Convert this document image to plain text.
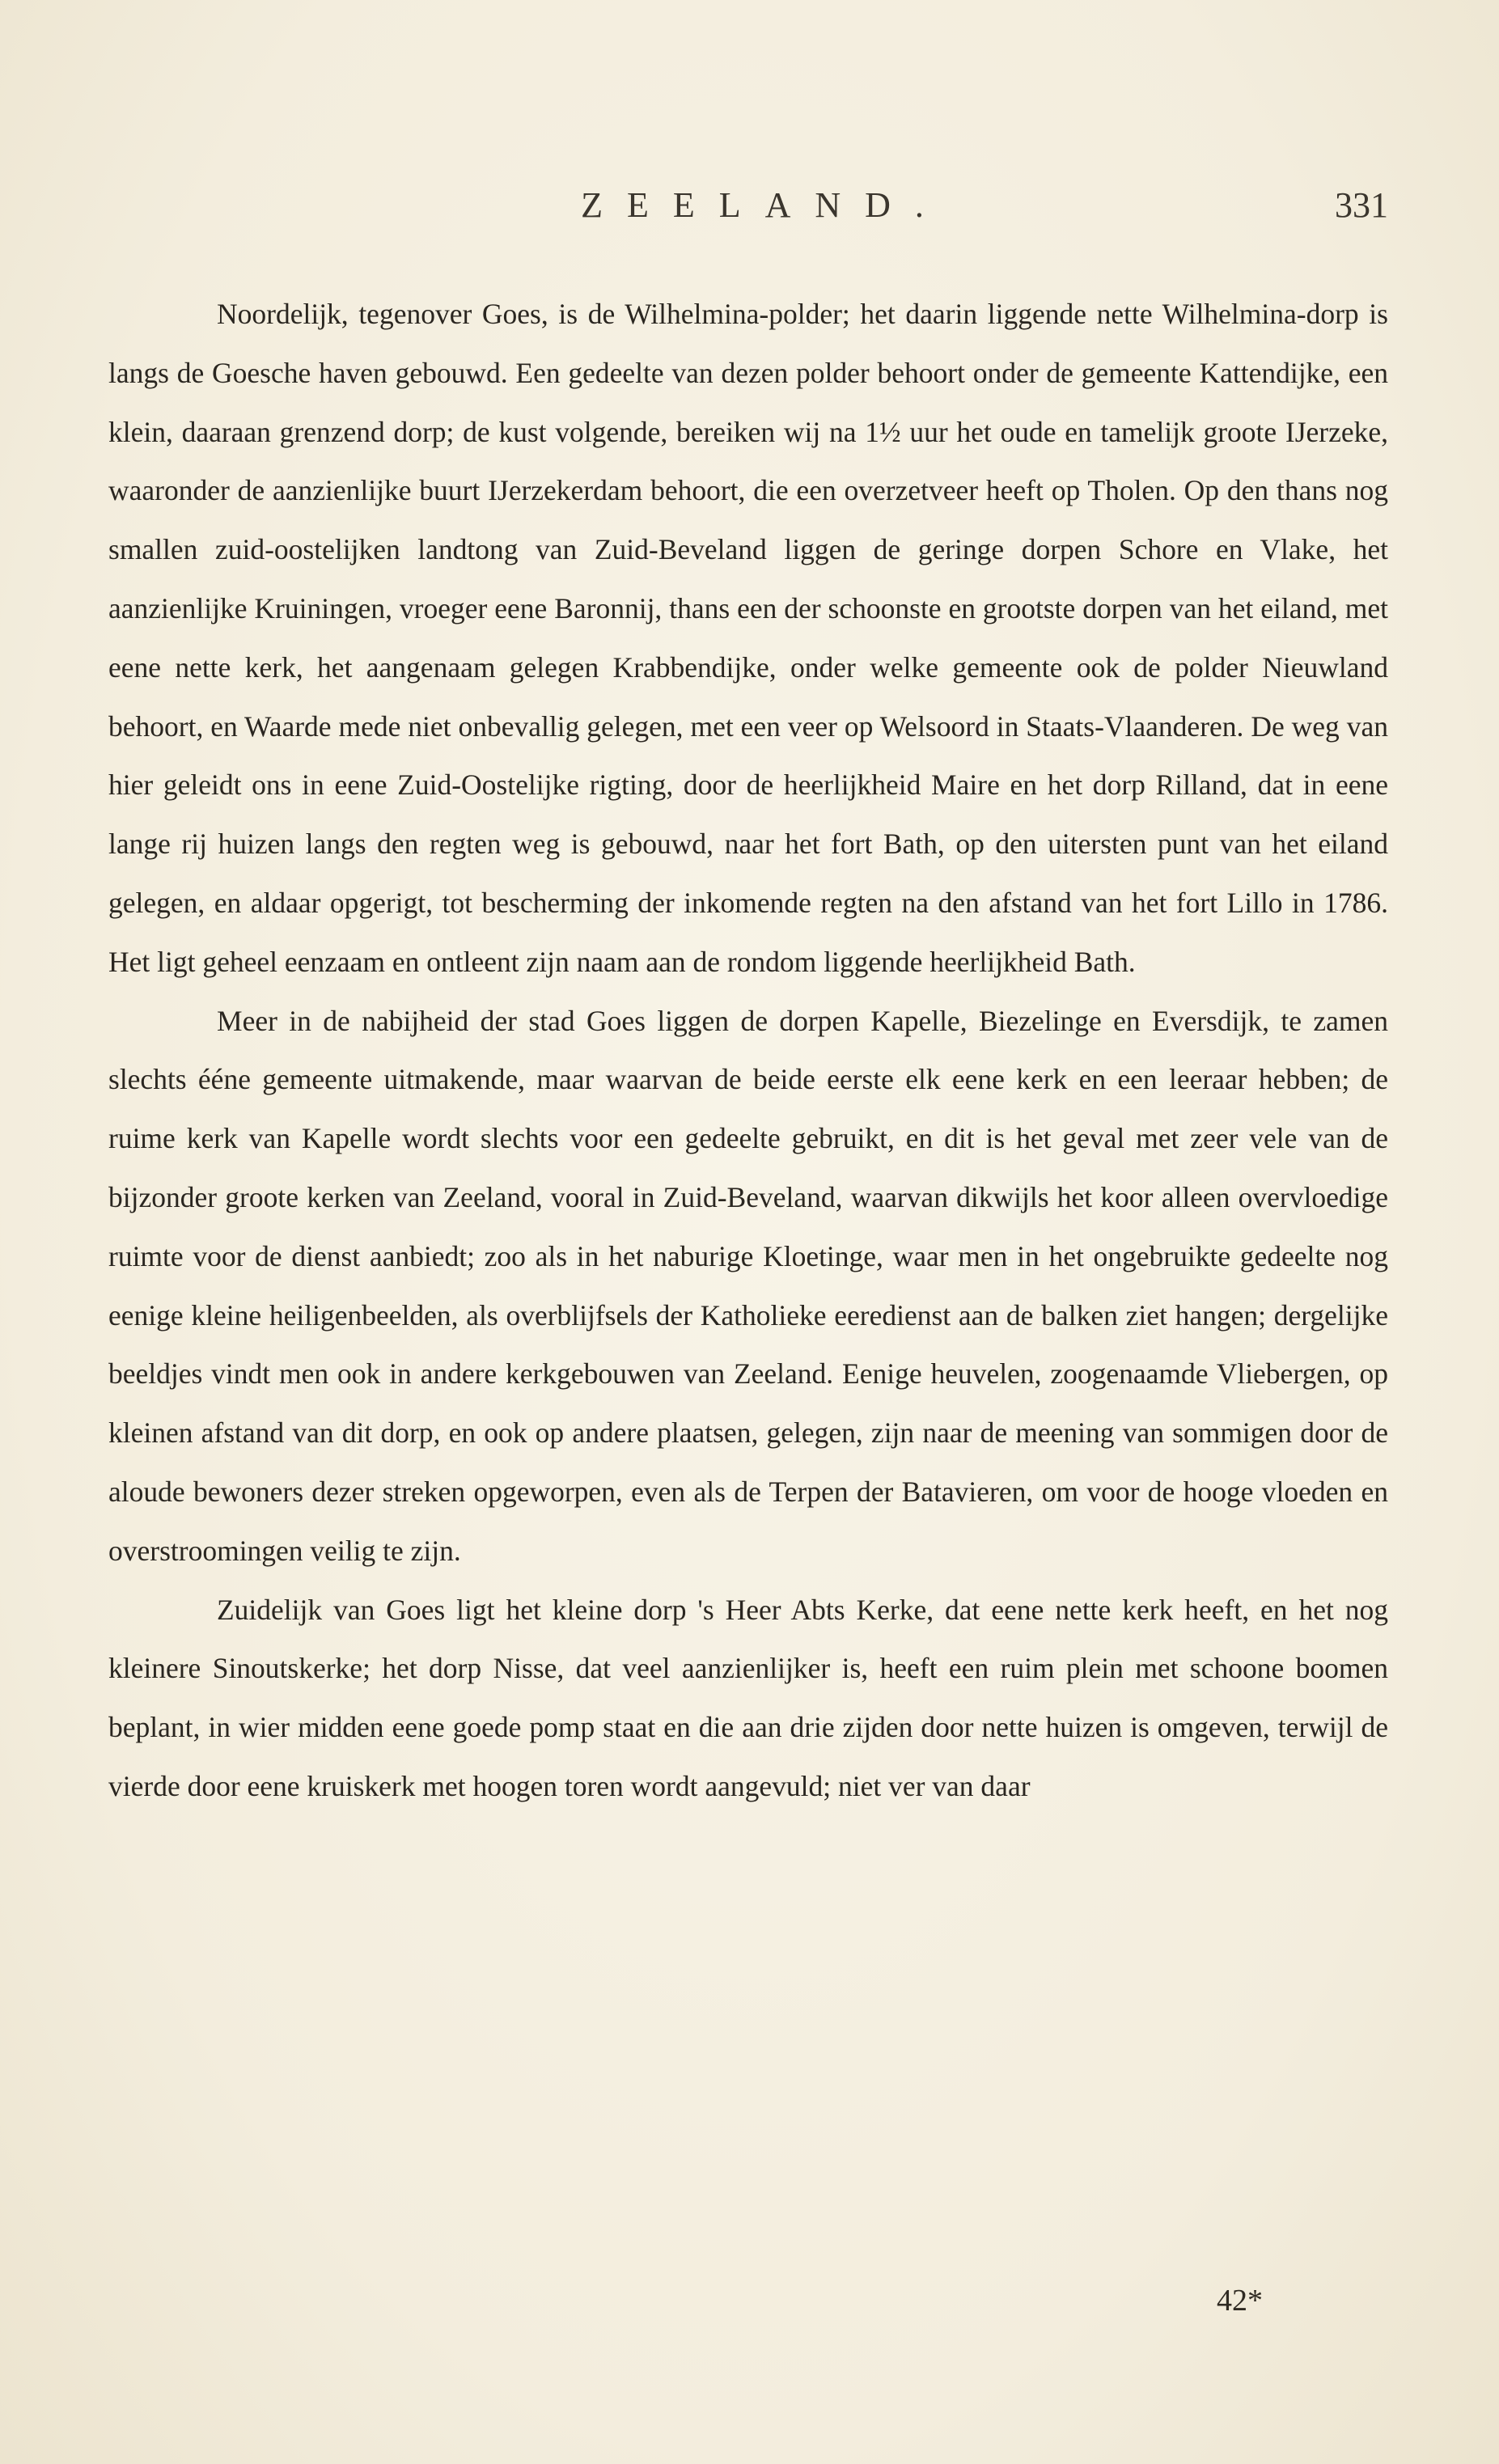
ZEELAND.	331

Noordelijk, tegenover Goes, is de Wilhelmina-polder; het daarin liggende nette Wilhelmina-dorp is langs de Goesche haven gebouwd. Een gedeelte van dezen polder behoort onder de gemeente Kattendijke, een klein, daaraan grenzend dorp; de kust volgende, bereiken wij na 1½ uur het oude en tamelijk groote IJerzeke, waaronder de aanzienlijke buurt IJerzekerdam behoort, die een overzetveer heeft op Tholen. Op den thans nog smallen zuid-oostelijken landtong van Zuid-Beveland liggen de geringe dorpen Schore en Vlake, het aanzienlijke Kruiningen, vroeger eene Baronnij, thans een der schoonste en grootste dorpen van het eiland, met eene nette kerk, het aangenaam gelegen Krabbendijke, onder welke gemeente ook de polder Nieuwland behoort, en Waarde mede niet onbevallig gelegen, met een veer op Welsoord in Staats-Vlaanderen. De weg van hier geleidt ons in eene Zuid-Oostelijke rigting, door de heerlijkheid Maire en het dorp Rilland, dat in eene lange rij huizen langs den regten weg is gebouwd, naar het fort Bath, op den uitersten punt van het eiland gelegen, en aldaar opgerigt, tot bescherming der inkomende regten na den afstand van het fort Lillo in 1786. Het ligt geheel eenzaam en ontleent zijn naam aan de rondom liggende heerlijkheid Bath.

Meer in de nabijheid der stad Goes liggen de dorpen Kapelle, Biezelinge en Eversdijk, te zamen slechts ééne gemeente uitmakende, maar waarvan de beide eerste elk eene kerk en een leeraar hebben; de ruime kerk van Kapelle wordt slechts voor een gedeelte gebruikt, en dit is het geval met zeer vele van de bijzonder groote kerken van Zeeland, vooral in Zuid-Beveland, waarvan dikwijls het koor alleen overvloedige ruimte voor de dienst aanbiedt; zoo als in het naburige Kloetinge, waar men in het ongebruikte gedeelte nog eenige kleine heiligenbeelden, als overblijfsels der Katholieke eeredienst aan de balken ziet hangen; dergelijke beeldjes vindt men ook in andere kerkgebouwen van Zeeland. Eenige heuvelen, zoogenaamde Vliebergen, op kleinen afstand van dit dorp, en ook op andere plaatsen, gelegen, zijn naar de meening van sommigen door de aloude bewoners dezer streken opgeworpen, even als de Terpen der Batavieren, om voor de hooge vloeden en overstroomingen veilig te zijn.

Zuidelijk van Goes ligt het kleine dorp 's Heer Abts Kerke, dat eene nette kerk heeft, en het nog kleinere Sinoutskerke; het dorp Nisse, dat veel aanzienlijker is, heeft een ruim plein met schoone boomen beplant, in wier midden eene goede pomp staat en die aan drie zijden door nette huizen is omgeven, terwijl de vierde door eene kruiskerk met hoogen toren wordt aangevuld; niet ver van daar

42*
